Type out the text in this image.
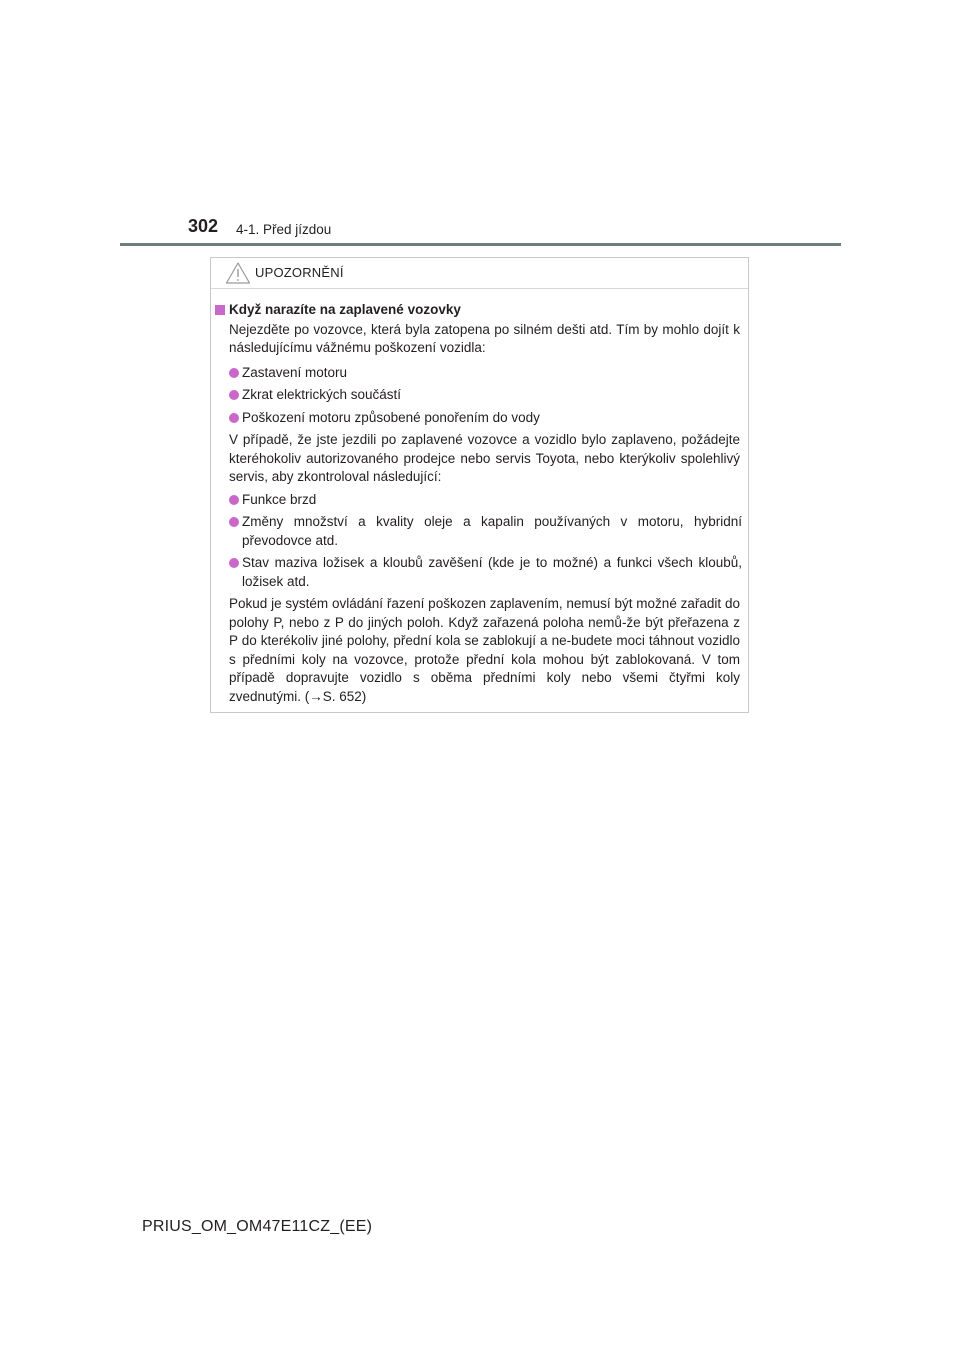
302 4-1. Před jízdou
UPOZORNĚNÍ
Když narazíte na zaplavené vozovky

Nejezděte po vozovce, která byla zatopena po silném dešti atd. Tím by mohlo dojít k následujícímu vážnému poškození vozidla:

Zastavení motoru
Zkrat elektrických součástí
Poškození motoru způsobené ponořením do vody

V případě, že jste jezdili po zaplavené vozovce a vozidlo bylo zaplaveno, požádejte kteréhokoliv autorizovaného prodejce nebo servis Toyota, nebo kterýkoliv spolehlivý servis, aby zkontroloval následující:

Funkce brzd
Změny množství a kvality oleje a kapalin používaných v motoru, hybridní převodovce atd.
Stav maziva ložisek a kloubů zavěšení (kde je to možné) a funkci všech kloubů, ložisek atd.

Pokud je systém ovládání řazení poškozen zaplavením, nemusí být možné zařadit do polohy P, nebo z P do jiných poloh. Když zařazená poloha nemů-že být přeřazena z P do kterékoliv jiné polohy, přední kola se zablokují a ne-budete moci táhnout vozidlo s předními koly na vozovce, protože přední kola mohou být zablokovaná. V tom případě dopravujte vozidlo s oběma předními koly nebo všemi čtyřmi koly zvednutými. (→S. 652)

PRIUS_OM_OM47E11CZ_(EE)
